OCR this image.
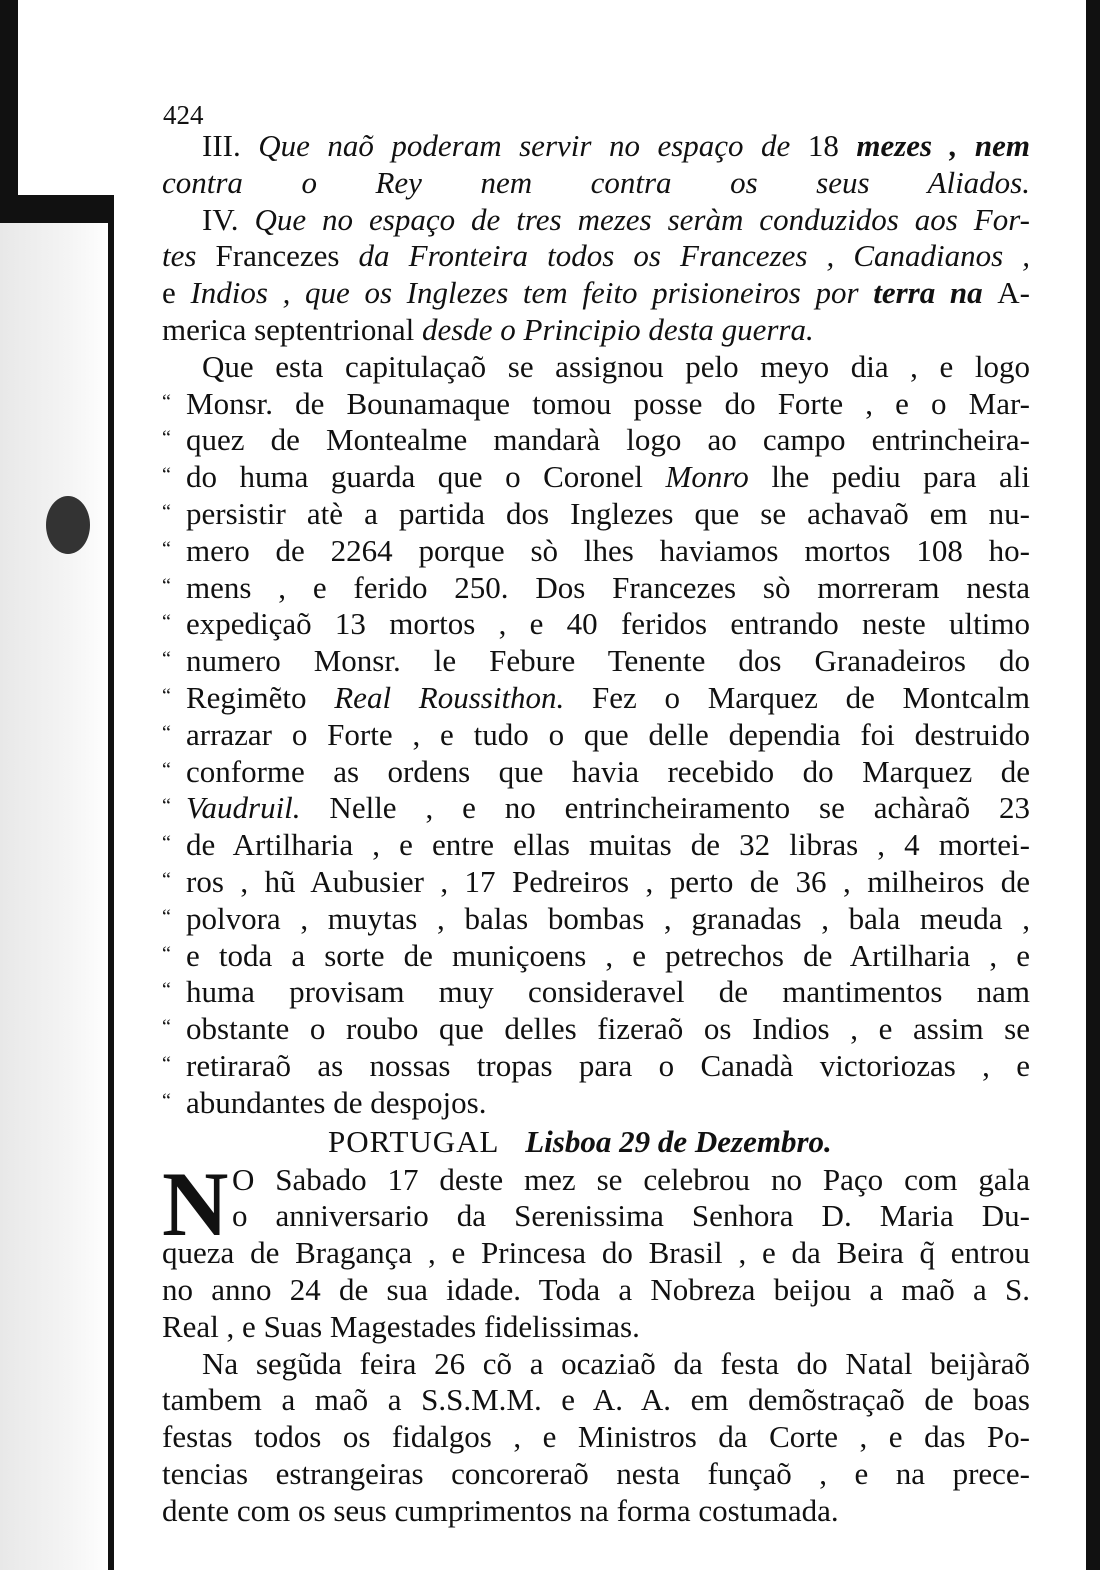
424
III. Que naõ poderam servir no espaço de 18 mezes , nem
contra o Rey nem contra os seus Aliados.
IV. Que no espaço de tres mezes seràm conduzidos aos For-
tes Francezes da Fronteira todos os Francezes , Canadianos ,
e Indios , que os Inglezes tem feito prisioneiros por terra na A-
merica septentrional desde o Principio desta guerra.
Que esta capitulaçaõ se assignou pelo meyo dia , e logo
“ Monsr. de Bounamaque tomou posse do Forte , e o Mar-
“ quez de Montealme mandarà logo ao campo entrincheira-
“ do huma guarda que o Coronel Monro lhe pediu para ali
“ persistir atè a partida dos Inglezes que se achavaõ em nu-
“ mero de 2264 porque sò lhes haviamos mortos 108 ho-
“ mens , e ferido 250. Dos Francezes sò morreram nesta
“ expediçaõ 13 mortos , e 40 feridos entrando neste ultimo
“ numero Monsr. le Febure Tenente dos Granadeiros do
“ Regimẽto Real Roussithon. Fez o Marquez de Montcalm
“ arrazar o Forte , e tudo o que delle dependia foi destruido
“ conforme as ordens que havia recebido do Marquez de
“ Vaudruil. Nelle , e no entrincheiramento se achàraõ 23
“ de Artilharia , e entre ellas muitas de 32 libras , 4 mortei-
“ ros , hũ Aubusier , 17 Pedreiros , perto de 36 , milheiros de
“ polvora , muytas , balas bombas , granadas , bala meuda ,
“ e toda a sorte de muniçoens , e petrechos de Artilharia , e
“ huma provisam muy consideravel de mantimentos nam
“ obstante o roubo que delles fizeraõ os Indios , e assim se
“ retiraraõ as nossas tropas para o Canadà victoriozas , e
“ abundantes de despojos.
PORTUGAL Lisboa 29 de Dezembro.
N O Sabado 17 deste mez se celebrou no Paço com gala
o anniversario da Serenissima Senhora D. Maria Du-
queza de Bragança , e Princesa do Brasil , e da Beira q̃ entrou
no anno 24 de sua idade. Toda a Nobreza beijou a maõ a S.
Real , e Suas Magestades fidelissimas.
Na segũda feira 26 cõ a ocaziaõ da festa do Natal beijàraõ
tambem a maõ a S.S.M.M. e A. A. em demõstraçaõ de boas
festas todos os fidalgos , e Ministros da Corte , e das Po-
tencias estrangeiras concoreraõ nesta funçaõ , e na prece-
dente com os seus cumprimentos na forma costumada.
